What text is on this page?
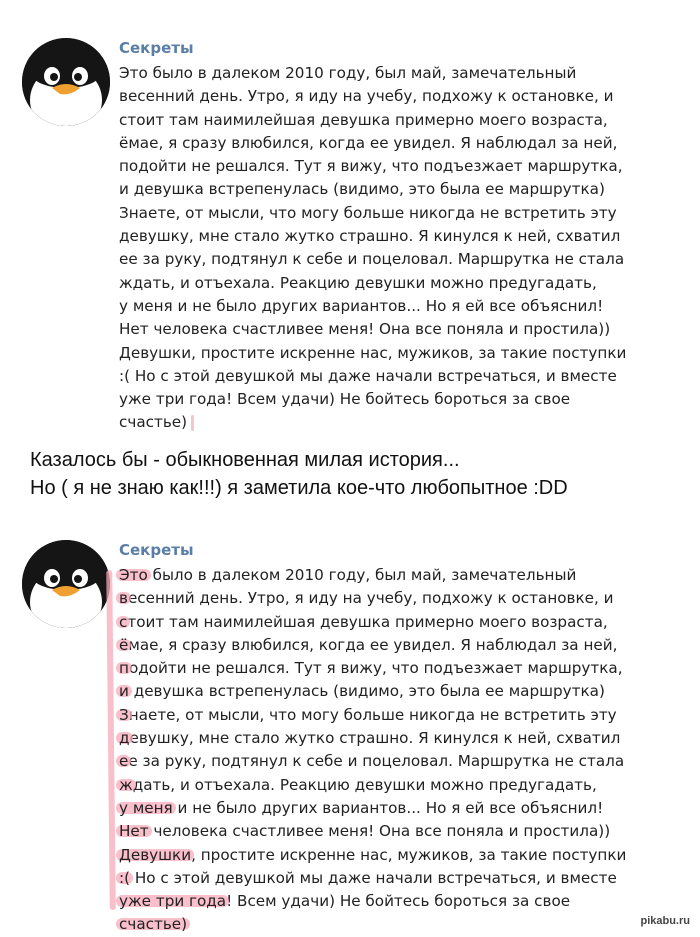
Секреты
Это было в далеком 2010 году, был май, замечательный
весенний день. Утро, я иду на учебу, подхожу к остановке, и
стоит там наимилейшая девушка примерно моего возраста,
ёмае, я сразу влюбился, когда ее увидел. Я наблюдал за ней,
подойти не решался. Тут я вижу, что подъезжает маршрутка,
и девушка встрепенулась (видимо, это была ее маршрутка)
Знаете, от мысли, что могу больше никогда не встретить эту
девушку, мне стало жутко страшно. Я кинулся к ней, схватил
ее за руку, подтянул к себе и поцеловал. Маршрутка не стала
ждать, и отъехала. Реакцию девушки можно предугадать,
у меня и не было других вариантов... Но я ей все объяснил!
Нет человека счастливее меня! Она все поняла и простила))
Девушки, простите искренне нас, мужиков, за такие поступки
:( Но с этой девушкой мы даже начали встречаться, и вместе
уже три года! Всем удачи) Не бойтесь бороться за свое
счастье)
Казалось бы - обыкновенная милая история...
Но ( я не знаю как!!!) я заметила кое-что любопытное :DD
Секреты
Это было в далеком 2010 году, был май, замечательный
весенний день. Утро, я иду на учебу, подхожу к остановке, и
стоит там наимилейшая девушка примерно моего возраста,
ёмае, я сразу влюбился, когда ее увидел. Я наблюдал за ней,
подойти не решался. Тут я вижу, что подъезжает маршрутка,
и девушка встрепенулась (видимо, это была ее маршрутка)
Знаете, от мысли, что могу больше никогда не встретить эту
девушку, мне стало жутко страшно. Я кинулся к ней, схватил
ее за руку, подтянул к себе и поцеловал. Маршрутка не стала
ждать, и отъехала. Реакцию девушки можно предугадать,
у меня и не было других вариантов... Но я ей все объяснил!
Нет человека счастливее меня! Она все поняла и простила))
Девушки, простите искренне нас, мужиков, за такие поступки
:( Но с этой девушкой мы даже начали встречаться, и вместе
уже три года! Всем удачи) Не бойтесь бороться за свое
счастье)	pikabu.ru
